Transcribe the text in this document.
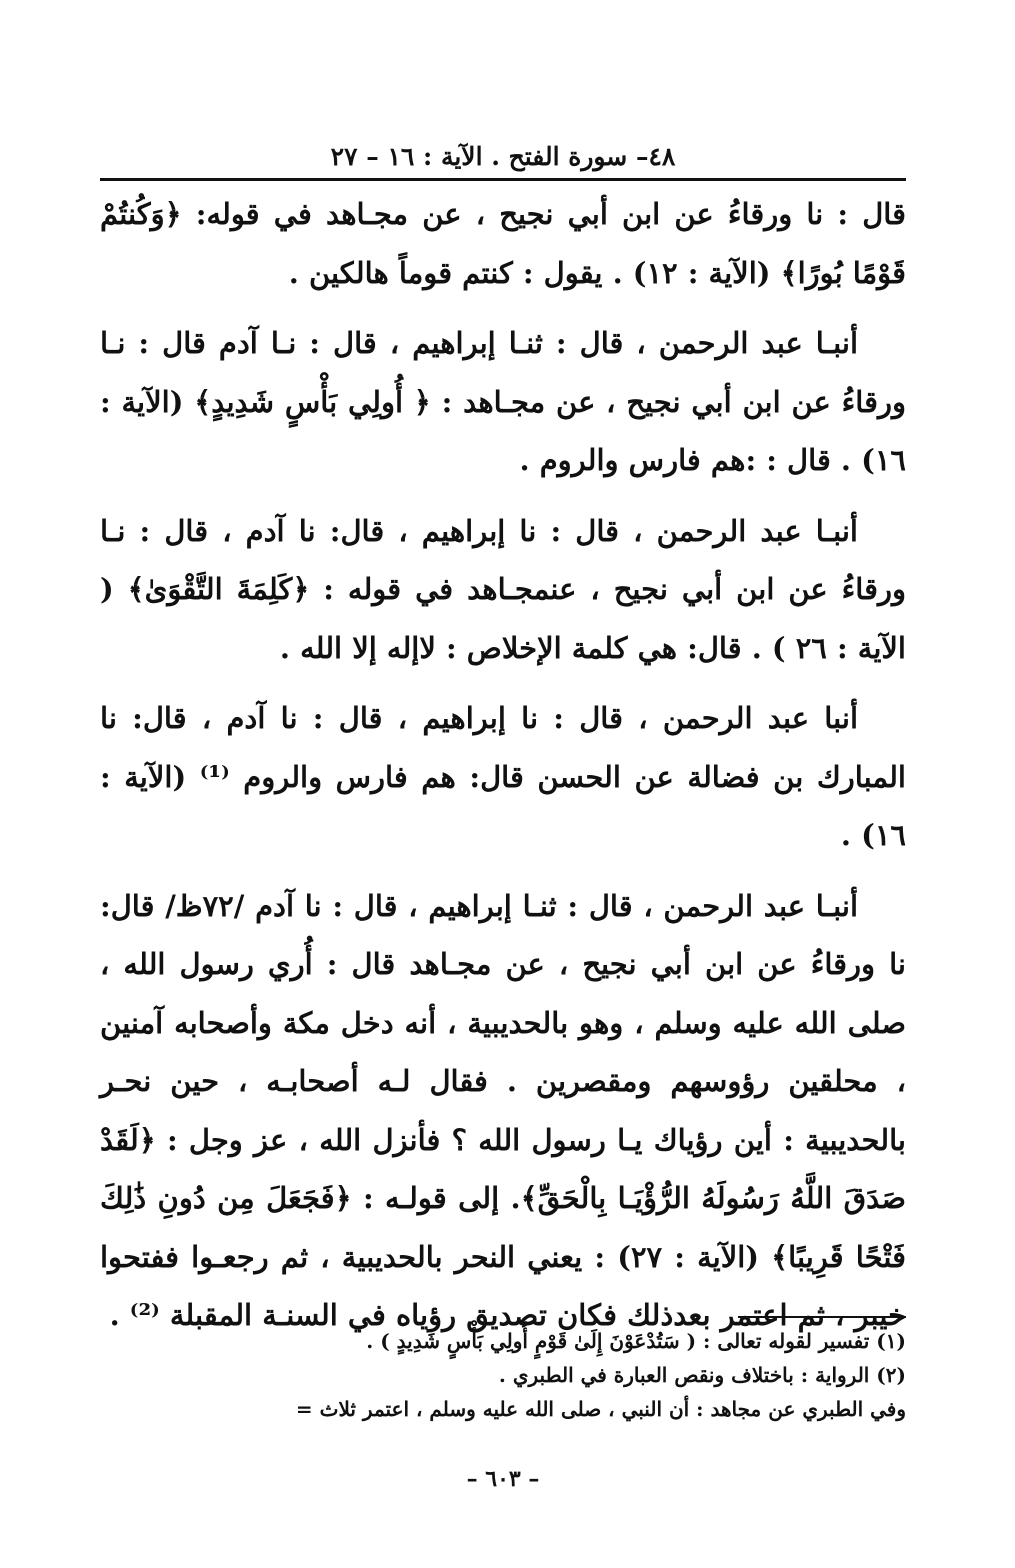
٤٨– سورة الفتح . الآية : ١٦ – ٢٧

قال : نا ورقاءُ عن ابن أبي نجيح ، عن مجـاهد في قوله: ﴿وَكُنتُمْ قَوْمًا بُورًا﴾ (الآية : ١٢) . يقول : كنتم قوماً هالكين .

أنبـا عبد الرحمن ، قال : ثنـا إبراهيم ، قال : نـا آدم قال : نـا ورقاءُ عن ابن أبي نجيح ، عن مجـاهد : ﴿ أُولِي بَأْسٍ شَدِيدٍ﴾ (الآية : ١٦) . قال : :هم فارس والروم .

أنبـا عبد الرحمن ، قال : نا إبراهيم ، قال: نا آدم ، قال : نـا ورقاءُ عن ابن أبي نجيح ، عنمجـاهد في قوله : ﴿كَلِمَةَ التَّقْوَىٰ﴾ ( الآية : ٢٦ ) . قال: هي كلمة الإخلاص : لاإله إلا الله .

أنبا عبد الرحمن ، قال : نا إبراهيم ، قال : نا آدم ، قال: نا المبارك بن فضالة عن الحسن قال: هم فارس والروم ⁽¹⁾ (الآية : ١٦) .

أنبـا عبد الرحمن ، قال : ثنـا إبراهيم ، قال : نا آدم /٧٢ظ/ قال: نا ورقاءُ عن ابن أبي نجيح ، عن مجـاهد قال : أُري رسول الله ، صلى الله عليه وسلم ، وهو بالحديبية ، أنه دخل مكة وأصحابه آمنين ، محلقين رؤوسهم ومقصرين . فقال لـه أصحابـه ، حين نحـر بالحديبية : أين رؤياك يـا رسول الله ؟ فأنزل الله ، عز وجل : ﴿لَقَدْ صَدَقَ اللَّهُ رَسُولَهُ الرُّؤْيَـا بِالْحَقِّ﴾. إلى قولـه : ﴿فَجَعَلَ مِن دُونِ ذَٰلِكَ فَتْحًا قَرِيبًا﴾ (الآية : ٢٧) : يعني النحر بالحديبية ، ثم رجعـوا ففتحوا خيبر ، ثم اعتمر بعدذلك فكان تصديق رؤياه في السنـة المقبلة ⁽²⁾ .

(١) تفسير لقوله تعالى : ( سَتُدْعَوْنَ إِلَىٰ قَوْمٍ أُولِي بَأْسٍ شَدِيدٍ ) .

(٢) الرواية : باختلاف ونقص العبارة في الطبري .

وفي الطبري عن مجاهد : أن النبي ، صلى الله عليه وسلم ، اعتمر ثلاث =

– ٦٠٣ –
